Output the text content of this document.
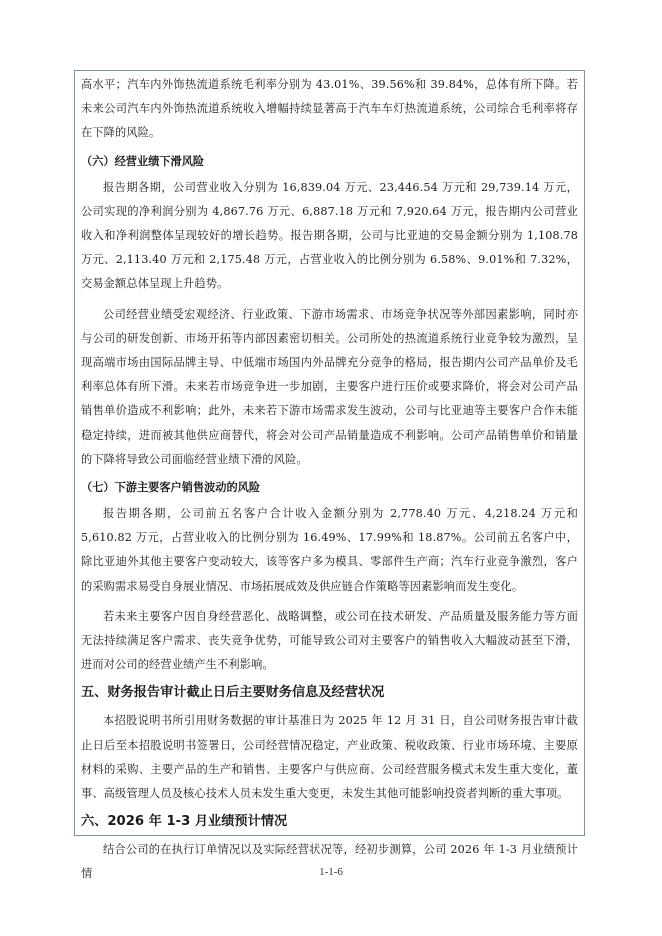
高水平；汽车内外饰热流道系统毛利率分别为 43.01%、39.56%和 39.84%，总体有所下降。若未来公司汽车内外饰热流道系统收入增幅持续显著高于汽车车灯热流道系统，公司综合毛利率将存在下降的风险。

（六）经营业绩下滑风险

报告期各期，公司营业收入分别为 16,839.04 万元、23,446.54 万元和 29,739.14 万元，公司实现的净利润分别为 4,867.76 万元、6,887.18 万元和 7,920.64 万元，报告期内公司营业收入和净利润整体呈现较好的增长趋势。报告期各期，公司与比亚迪的交易金额分别为 1,108.78 万元、2,113.40 万元和 2,175.48 万元，占营业收入的比例分别为 6.58%、9.01%和 7.32%，交易金额总体呈现上升趋势。

公司经营业绩受宏观经济、行业政策、下游市场需求、市场竞争状况等外部因素影响，同时亦与公司的研发创新、市场开拓等内部因素密切相关。公司所处的热流道系统行业竞争较为激烈，呈现高端市场由国际品牌主导、中低端市场国内外品牌充分竞争的格局，报告期内公司产品单价及毛利率总体有所下滑。未来若市场竞争进一步加剧，主要客户进行压价或要求降价，将会对公司产品销售单价造成不利影响；此外，未来若下游市场需求发生波动，公司与比亚迪等主要客户合作未能稳定持续，进而被其他供应商替代，将会对公司产品销量造成不利影响。公司产品销售单价和销量的下降将导致公司面临经营业绩下滑的风险。

（七）下游主要客户销售波动的风险

报告期各期，公司前五名客户合计收入金额分别为 2,778.40 万元、4,218.24 万元和 5,610.82 万元，占营业收入的比例分别为 16.49%、17.99%和 18.87%。公司前五名客户中，除比亚迪外其他主要客户变动较大，该等客户多为模具、零部件生产商；汽车行业竞争激烈，客户的采购需求易受自身展业情况、市场拓展成效及供应链合作策略等因素影响而发生变化。

若未来主要客户因自身经营恶化、战略调整，或公司在技术研发、产品质量及服务能力等方面无法持续满足客户需求、丧失竞争优势，可能导致公司对主要客户的销售收入大幅波动甚至下滑，进而对公司的经营业绩产生不利影响。

五、财务报告审计截止日后主要财务信息及经营状况

本招股说明书所引用财务数据的审计基准日为 2025 年 12 月 31 日，自公司财务报告审计截止日后至本招股说明书签署日，公司经营情况稳定，产业政策、税收政策、行业市场环境、主要原材料的采购、主要产品的生产和销售、主要客户与供应商、公司经营服务模式未发生重大变化，董事、高级管理人员及核心技术人员未发生重大变更，未发生其他可能影响投资者判断的重大事项。

六、2026 年 1-3 月业绩预计情况

结合公司的在执行订单情况以及实际经营状况等，经初步测算，公司 2026 年 1-3 月业绩预计情	1-1-6
